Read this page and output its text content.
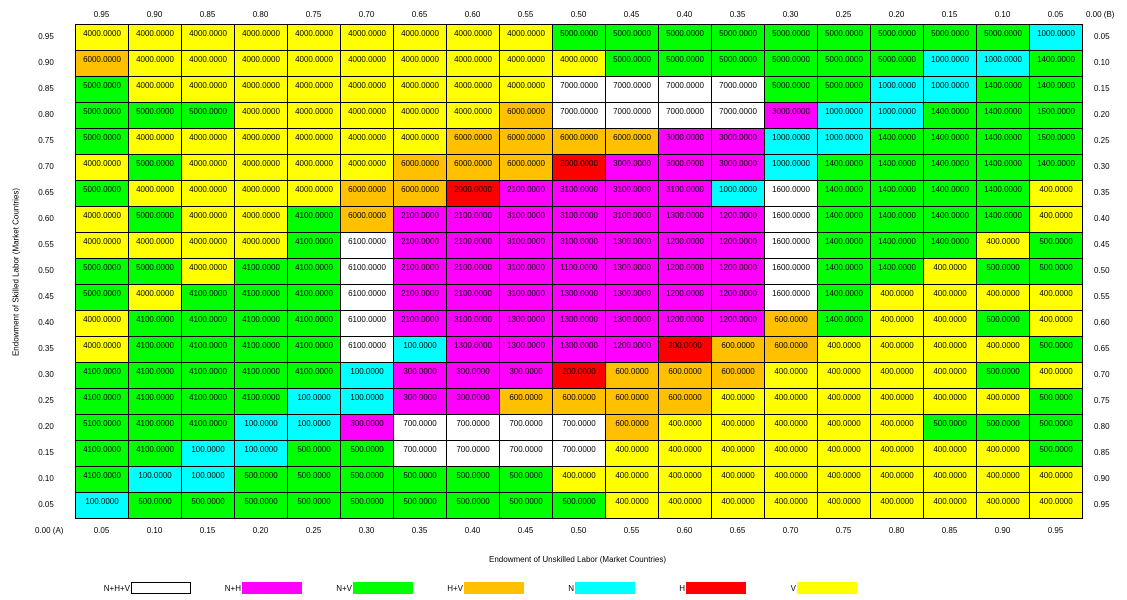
0.00 (B)
4000.0000	4000.0000	4000.0000	4000.0000	4000.0000	4000.0000	4000.0000	4000.0000	4000.0000	5000.0000	5000.0000	5000.0000	5000.0000	5000.0000	5000.0000	5000.0000	5000.0000	5000.0000	1000.0000
6000.0000	4000.0000	4000.0000	4000.0000	4000.0000	4000.0000	4000.0000	4000.0000	4000.0000	4000.0000	5000.0000	5000.0000	5000.0000	5000.0000	5000.0000	5000.0000	1000.0000	1000.0000	1400.0000
5000.0000	4000.0000	4000.0000	4000.0000	4000.0000	4000.0000	4000.0000	4000.0000	4000.0000	7000.0000	7000.0000	7000.0000	7000.0000	5000.0000	5000.0000	1000.0000	1000.0000	1400.0000	1400.0000
5000.0000	5000.0000	5000.0000	4000.0000	4000.0000	4000.0000	4000.0000	4000.0000	6000.0000	7000.0000	7000.0000	7000.0000	7000.0000	3000.0000	1000.0000	1000.0000	1400.0000	1400.0000	1500.0000
5000.0000	4000.0000	4000.0000	4000.0000	4000.0000	4000.0000	4000.0000	6000.0000	6000.0000	6000.0000	6000.0000	3000.0000	3000.0000	1000.0000	1000.0000	1400.0000	1400.0000	1400.0000	1500.0000
4000.0000	5000.0000	4000.0000	4000.0000	4000.0000	4000.0000	6000.0000	6000.0000	6000.0000	2000.0000	3000.0000	3000.0000	3000.0000	1000.0000	1400.0000	1400.0000	1400.0000	1400.0000	1400.0000
5000.0000	4000.0000	4000.0000	4000.0000	4000.0000	6000.0000	6000.0000	2000.0000	2100.0000	3100.0000	3100.0000	3100.0000	1000.0000	1600.0000	1400.0000	1400.0000	1400.0000	1400.0000	400.0000
4000.0000	5000.0000	4000.0000	4000.0000	4100.0000	6000.0000	2100.0000	2100.0000	3100.0000	3100.0000	3100.0000	1300.0000	1200.0000	1600.0000	1400.0000	1400.0000	1400.0000	1400.0000	400.0000
4000.0000	4000.0000	4000.0000	4000.0000	4100.0000	6100.0000	2100.0000	2100.0000	3100.0000	3100.0000	1300.0000	1200.0000	1200.0000	1600.0000	1400.0000	1400.0000	1400.0000	400.0000	500.0000
5000.0000	5000.0000	4000.0000	4100.0000	4100.0000	6100.0000	2100.0000	2100.0000	3100.0000	1100.0000	1300.0000	1200.0000	1200.0000	1600.0000	1400.0000	1400.0000	400.0000	500.0000	500.0000
5000.0000	4000.0000	4100.0000	4100.0000	4100.0000	6100.0000	2100.0000	2100.0000	3100.0000	1300.0000	1300.0000	1200.0000	1200.0000	1600.0000	1400.0000	400.0000	400.0000	400.0000	400.0000
4000.0000	4100.0000	4100.0000	4100.0000	4100.0000	6100.0000	2100.0000	3100.0000	1300.0000	1300.0000	1300.0000	1200.0000	1200.0000	600.0000	1400.0000	400.0000	400.0000	500.0000	400.0000
4000.0000	4100.0000	4100.0000	4100.0000	4100.0000	6100.0000	100.0000	1300.0000	1300.0000	1300.0000	1200.0000	200.0000	600.0000	600.0000	400.0000	400.0000	400.0000	400.0000	500.0000
4100.0000	4100.0000	4100.0000	4100.0000	4100.0000	100.0000	300.0000	300.0000	300.0000	200.0000	600.0000	600.0000	600.0000	400.0000	400.0000	400.0000	400.0000	500.0000	400.0000
4100.0000	4100.0000	4100.0000	4100.0000	100.0000	100.0000	300.0000	300.0000	600.0000	600.0000	600.0000	600.0000	400.0000	400.0000	400.0000	400.0000	400.0000	400.0000	500.0000
5100.0000	4100.0000	4100.0000	100.0000	100.0000	300.0000	700.0000	700.0000	700.0000	700.0000	600.0000	400.0000	400.0000	400.0000	400.0000	400.0000	500.0000	500.0000	500.0000
4100.0000	4100.0000	100.0000	100.0000	500.0000	500.0000	700.0000	700.0000	700.0000	700.0000	400.0000	400.0000	400.0000	400.0000	400.0000	400.0000	400.0000	400.0000	500.0000
4100.0000	100.0000	100.0000	500.0000	500.0000	500.0000	500.0000	500.0000	500.0000	400.0000	400.0000	400.0000	400.0000	400.0000	400.0000	400.0000	400.0000	400.0000	400.0000
100.0000	500.0000	500.0000	500.0000	500.0000	500.0000	500.0000	500.0000	500.0000	500.0000	400.0000	400.0000	400.0000	400.0000	400.0000	400.0000	400.0000	400.0000	400.0000
0.00 (A)
Endowment of Skilled Labor (Market Countries)
Endowment of Unskilled Labor (Market Countries)
N+H+V	N+H	N+V	H+V	N	H	V
0.95	0.90	0.85	0.80	0.75	0.70	0.65	0.60	0.55	0.50	0.45	0.40	0.35	0.30	0.25	0.20	0.15	0.10	0.05
0.05	0.10	0.15	0.20	0.25	0.30	0.35	0.40	0.45	0.50	0.55	0.60	0.65	0.70	0.75	0.80	0.85	0.90	0.95
0.95
0.90
0.85
0.80
0.75
0.70
0.65
0.60
0.55
0.50
0.45
0.40
0.35
0.30
0.25
0.20
0.15
0.10
0.05
0.05
0.10
0.15
0.20
0.25
0.30
0.35
0.40
0.45
0.50
0.55
0.60
0.65
0.70
0.75
0.80
0.85
0.90
0.95
